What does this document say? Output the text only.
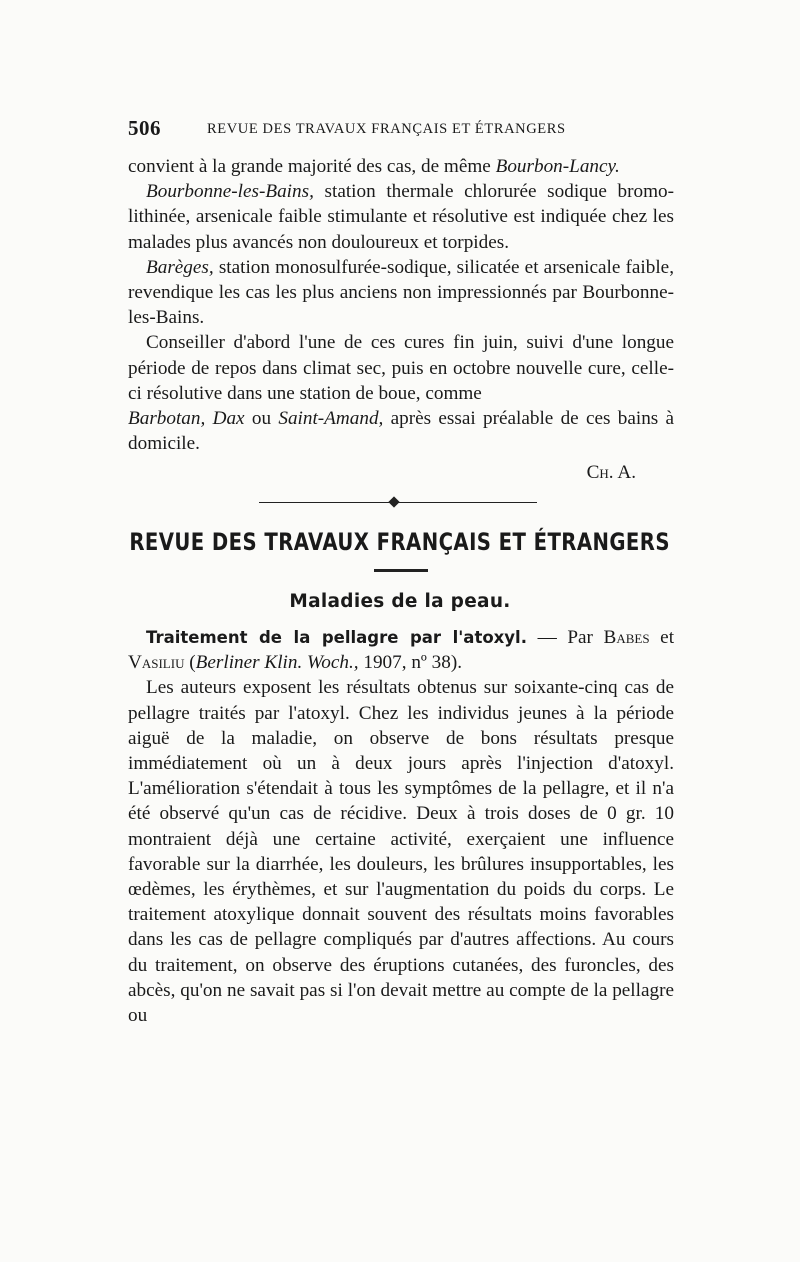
506	REVUE DES TRAVAUX FRANÇAIS ET ÉTRANGERS

convient à la grande majorité des cas, de même Bourbon-Lancy.

Bourbonne-les-Bains, station thermale chlorurée sodique bromo-lithinée, arsenicale faible stimulante et résolutive est indiquée chez les malades plus avancés non douloureux et torpides.

Barèges, station monosulfurée-sodique, silicatée et arsenicale faible, revendique les cas les plus anciens non impressionnés par Bourbonne-les-Bains.

Conseiller d'abord l'une de ces cures fin juin, suivi d'une longue période de repos dans climat sec, puis en octobre nouvelle cure, celle-ci résolutive dans une station de boue, comme
Barbotan, Dax ou Saint-Amand, après essai préalable de ces bains à domicile.

Ch. A.

REVUE DES TRAVAUX FRANÇAIS ET ÉTRANGERS
Maladies de la peau.

Traitement de la pellagre par l'atoxyl. — Par Babes et Vasiliu (Berliner Klin. Woch., 1907, nº 38).

Les auteurs exposent les résultats obtenus sur soixante-cinq cas de pellagre traités par l'atoxyl. Chez les individus jeunes à la période aiguë de la maladie, on observe de bons résultats presque immédiatement où un à deux jours après l'injection d'atoxyl. L'amélioration s'étendait à tous les symptômes de la pellagre, et il n'a été observé qu'un cas de récidive. Deux à trois doses de 0 gr. 10 montraient déjà une certaine activité, exerçaient une influence favorable sur la diarrhée, les douleurs, les brûlures insupportables, les œdèmes, les érythèmes, et sur l'augmentation du poids du corps. Le traitement atoxylique donnait souvent des résultats moins favorables dans les cas de pellagre compliqués par d'autres affections. Au cours du traitement, on observe des éruptions cutanées, des furoncles, des abcès, qu'on ne savait pas si l'on devait mettre au compte de la pellagre ou
